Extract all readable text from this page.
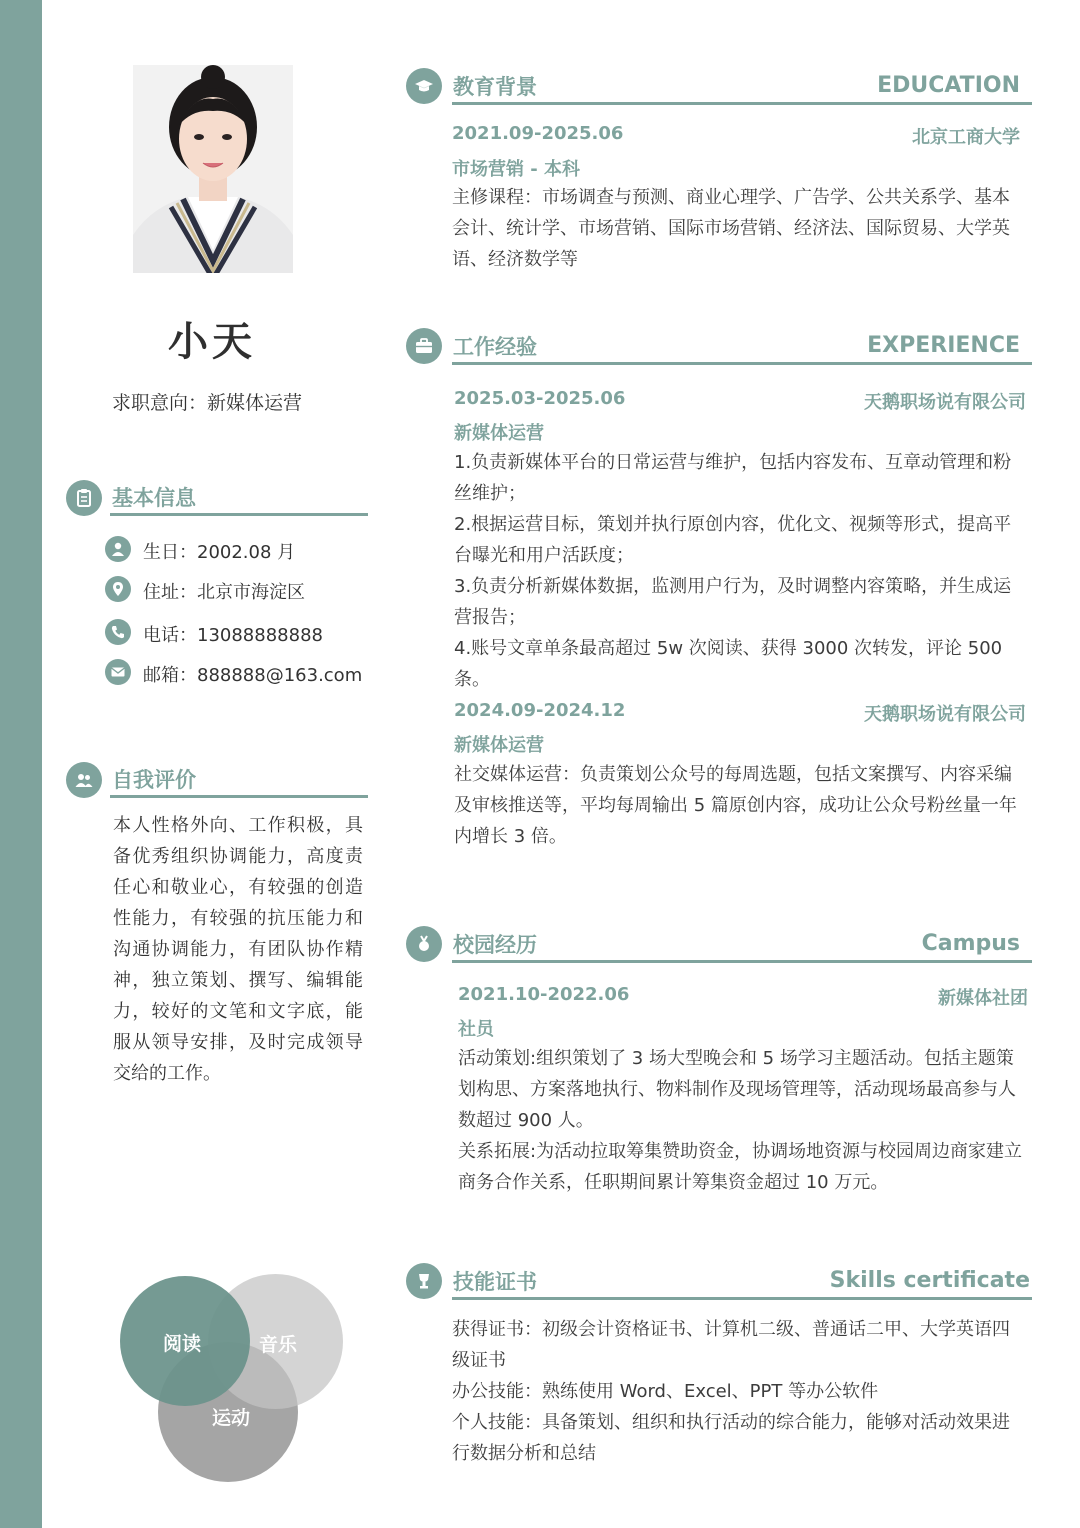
小天
求职意向：新媒体运营
基本信息
生日：2002.08 月
住址：北京市海淀区
电话：13088888888
邮箱：888888@163.com
自我评价
本人性格外向、工作积极，具备优秀组织协调能力，高度责任心和敬业心，有较强的创造性能力，有较强的抗压能力和沟通协调能力，有团队协作精神，独立策划、撰写、编辑能力，较好的文笔和文字底，能服从领导安排，及时完成领导交给的工作。
阅读	音乐
运动
教育背景	EDUCATION
2021.09-2025.06	北京工商大学
市场营销 - 本科
主修课程：市场调查与预测、商业心理学、广告学、公共关系学、基本会计、统计学、市场营销、国际市场营销、经济法、国际贸易、大学英语、经济数学等
工作经验	EXPERIENCE
2025.03-2025.06	天鹅职场说有限公司
新媒体运营

1.负责新媒体平台的日常运营与维护，包括内容发布、互章动管理和粉丝维护；

2.根据运营目标，策划并执行原创内容，优化文、视频等形式，提高平台曝光和用户活跃度；

3.负责分析新媒体数据，监测用户行为，及时调整内容策略，并生成运营报告；

4.账号文章单条最高超过 5w 次阅读、获得 3000 次转发，评论 500 条。

2024.09-2024.12	天鹅职场说有限公司
新媒体运营

社交媒体运营：负责策划公众号的每周选题，包括文案撰写、内容采编及审核推送等，平均每周输出 5 篇原创内容，成功让公众号粉丝量一年内增长 3 倍。

校园经历	Campus
2021.10-2022.06	新媒体社团
社员

活动策划:组织策划了 3 场大型晚会和 5 场学习主题活动。包括主题策划构思、方案落地执行、物料制作及现场管理等，活动现场最高参与人数超过 900 人。

关系拓展:为活动拉取筹集赞助资金，协调场地资源与校园周边商家建立商务合作关系，任职期间累计筹集资金超过 10 万元。

技能证书	Skills certificate

获得证书：初级会计资格证书、计算机二级、普通话二甲、大学英语四级证书

办公技能：熟练使用 Word、Excel、PPT 等办公软件

个人技能：具备策划、组织和执行活动的综合能力，能够对活动效果进行数据分析和总结
